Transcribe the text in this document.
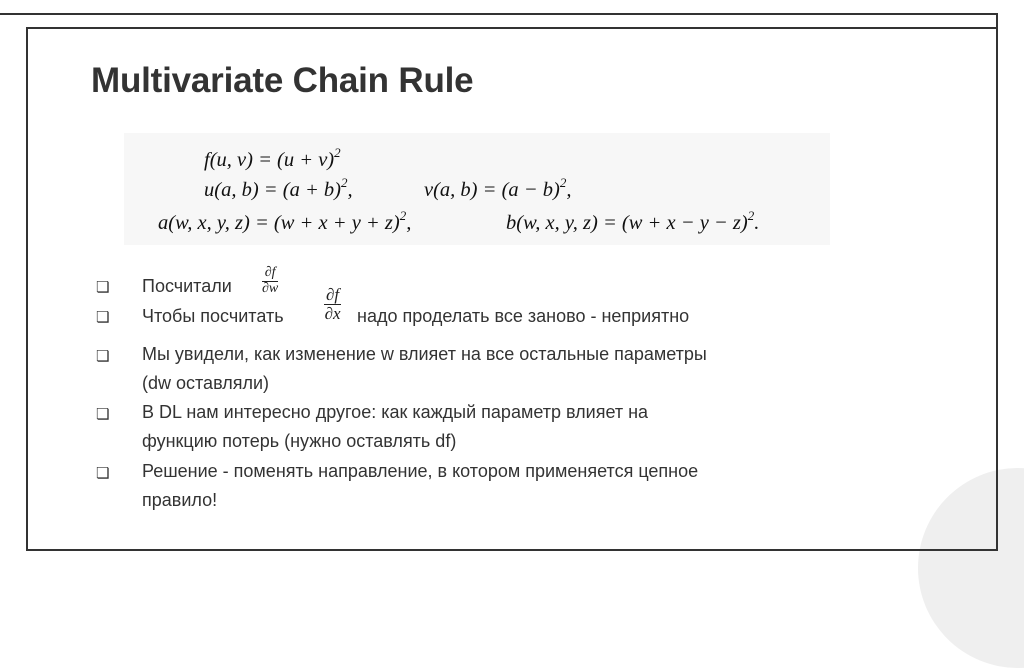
Multivariate Chain Rule
f(u, $v) = (u + v)^2$
u(a, $b) = (a + b)^2$,	v(a, $b) = (a - b)^2$,
a(w, x, y, $z) = (w + x + y + z)^2$,	b(w, x, y, $z) = (w + x - y - z)^2$.
❏ Посчитали $\frac{\partial f}{\partial w}$
❏ Чтобы посчитать $\frac{\partial f}{\partial x}$ надо проделать все заново - неприятно
❏ Мы увидели, как изменение w влияет на все остальные параметры
(dw оставляли)
❏ В DL нам интересно другое: как каждый параметр влияет на
функцию потерь (нужно оставлять df)
❏ Решение - поменять направление, в котором применяется цепное
правило!
